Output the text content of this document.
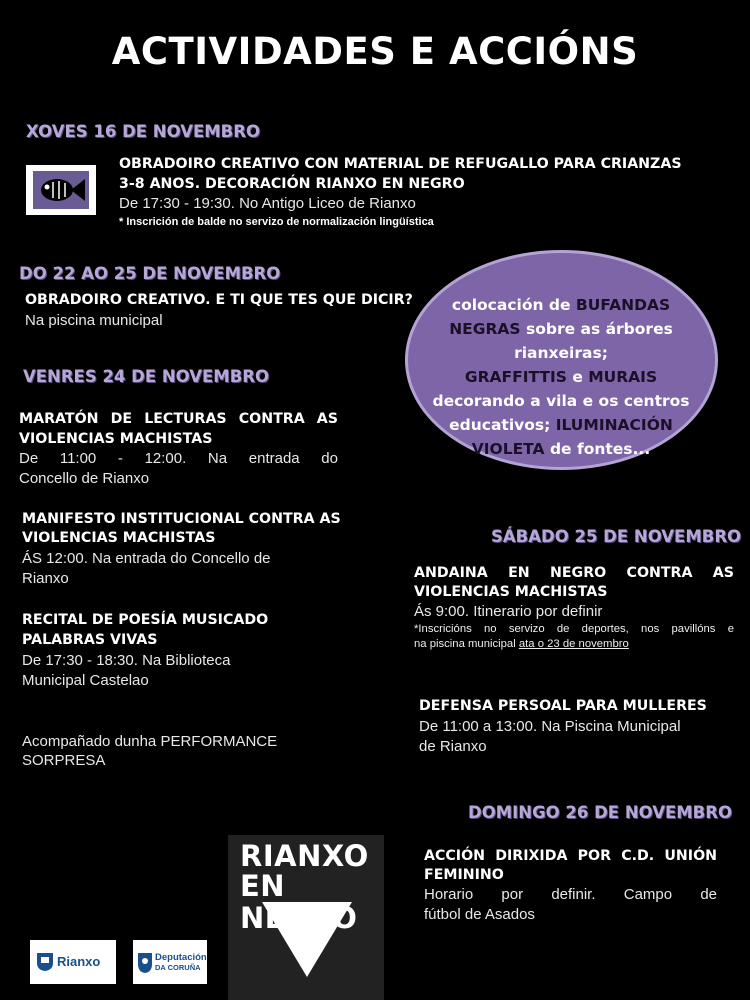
ACTIVIDADES E ACCIÓNS
XOVES 16 DE NOVEMBRO
OBRADOIRO CREATIVO CON MATERIAL DE REFUGALLO PARA CRIANZAS
3-8 ANOS. DECORACIÓN RIANXO EN NEGRO
De 17:30 - 19:30. No Antigo Liceo de Rianxo
* Inscrición de balde no servizo de normalización lingüística
DO 22 AO 25 DE NOVEMBRO
OBRADOIRO CREATIVO. E TI QUE TES QUE DICIR?
Na piscina municipal
colocación de BUFANDAS
NEGRAS sobre as árbores
rianxeiras;
GRAFFITTIS e MURAIS
decorando a vila e os centros
educativos; ILUMINACIÓN
VIOLETA de fontes...
VENRES 24 DE NOVEMBRO
MARATÓN DE LECTURAS CONTRA AS
VIOLENCIAS MACHISTAS
De 11:00 - 12:00. Na entrada do
Concello de Rianxo
MANIFESTO INSTITUCIONAL CONTRA AS
VIOLENCIAS MACHISTAS
ÁS 12:00. Na entrada do Concello de
Rianxo
RECITAL DE POESÍA MUSICADO
PALABRAS VIVAS
De 17:30 - 18:30. Na Biblioteca
Municipal Castelao
Acompañado dunha PERFORMANCE
SORPRESA
SÁBADO 25 DE NOVEMBRO
ANDAINA EN NEGRO CONTRA AS
VIOLENCIAS MACHISTAS
Ás 9:00. Itinerario por definir
*Inscricións no servizo de deportes, nos pavillóns e
na piscina municipal ata o 23 de novembro
DEFENSA PERSOAL PARA MULLERES
De 11:00 a 13:00. Na Piscina Municipal
de Rianxo
DOMINGO 26 DE NOVEMBRO
ACCIÓN DIRIXIDA POR C.D. UNIÓN
FEMININO
Horario por definir. Campo de
fútbol de Asados
RIANXO
EN NEGRO
Rianxo	Deputación
DA CORUÑA
